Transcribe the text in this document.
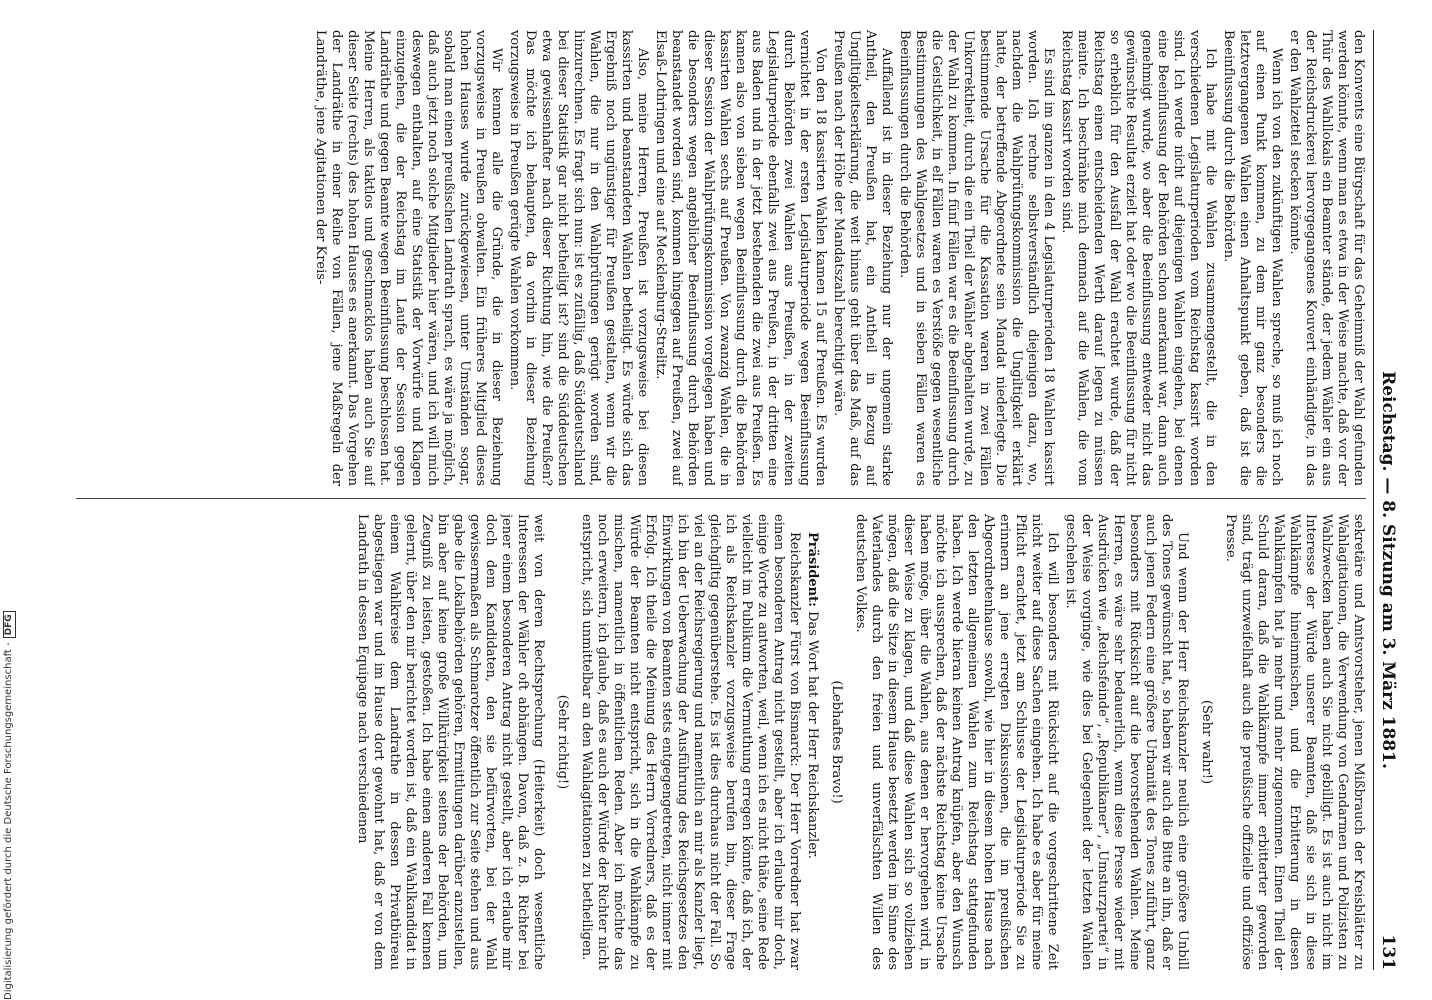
Digitalisierung gefördert durch die Deutsche Forschungsgemeinschaft -DFG	Reichstag. — 8. Sitzung am 3. März 1881.
131

den Konvents eine Bürgschaft für das Geheimniß der Wahl gefunden werden könnte, wenn man es etwa in der Weise machte, daß vor der Thür des Wahllokals ein Beamter stände, der jedem Wähler ein aus der Reichsdruckerei hervorgegangenes Kouvert einhändigte, in das er den Wahlzettel stecken könnte.

Wenn ich von den zukünftigen Wahlen spreche, so muß ich noch auf einen Punkt kommen, zu dem mir ganz besonders die letztvergangenen Wahlen einen Anhaltspunkt geben, daß ist die Beeinflussung durch die Behörden.

Ich habe mit die Wahlen zusammengestellt, die in den verschiedenen Legislaturperioden vom Reichstag kassirt worden sind. Ich werde nicht auf diejenigen Wahlen eingehen, bei denen eine Beeinflussung der Behörden schon anerkannt war, dann auch genehmigt wurde, wo aber die Beeinflussung entweder nicht das gewünschte Resultat erzielt hat oder wo die Beeinflussung für nicht so erheblich für den Ausfall der Wahl erachtet wurde, daß der Reichstag einen entscheidenden Werth darauf legen zu müssen meinte. Ich beschränke mich demnach auf die Wahlen, die vom Reichstag kassirt worden sind.

Es sind im ganzen in den 4 Legislaturperioden 18 Wahlen kassirt worden. Ich rechne selbstverständlich diejenigen dazu, wo, nachdem die Wahlprüfungskommission die Ungiltigkeit erklärt hatte, der betreffende Abgeordnete sein Mandat niederlegte. Die bestimmende Ursache für die Kassation waren in zwei Fällen Unkorrektheit, durch die ein Theil der Wähler abgehalten wurde, zu der Wahl zu kommen. In fünf Fällen war es die Beeinflussung durch die Geistlichkeit, in elf Fällen waren es Verstöße gegen wesentliche Bestimmungen des Wahlgesetzes und in sieben Fällen waren es Beeinflussungen durch die Behörden.

Auffallend ist in dieser Beziehung nur der ungemein starke Antheil, den Preußen hat, ein Antheil in Bezug auf Ungiltigkeitserklärung, die weit hinaus geht über das Maß, auf das Preußen nach der Höhe der Mandatszahl berechtigt wäre.

Von den 18 kassirten Wahlen kamen 15 auf Preußen. Es wurden vernichtet in der ersten Legislaturperiode wegen Beeinflussung durch Behörden zwei Wahlen aus Preußen, in der zweiten Legislaturperiode ebenfalls zwei aus Preußen, in der dritten eine aus Baden und in der jetzt bestehenden die zwei aus Preußen. Es kamen also von sieben wegen Beeinflussung durch die Behörden kassirten Wahlen sechs auf Preußen. Von zwanzig Wahlen, die in dieser Session der Wahlprüfungskommission vorgelegen haben und die besonders wegen angeblicher Beeinflussung durch Behörden beanstandet worden sind, kommen hingegen auf Preußen, zwei auf Elsaß-Lothringen und eine auf Mecklenburg-Strelitz.

Also, meine Herren, Preußen ist vorzugsweise bei diesen kassirten und beanstandeten Wahlen betheiligt. Es würde sich das Ergebniß noch ungünstiger für Preußen gestalten, wenn wir die Wahlen, die nur in den Wahlprüfungen gerügt worden sind, hinzurechnen. Es fragt sich nun: ist es zufällig, daß Süddeutschland bei dieser Statistik gar nicht betheiligt ist? sind die Süddeutschen etwa gewissenhafter nach dieser Richtung hin, wie die Preußen? Das möchte ich behaupten, da vorhin in dieser Beziehung vorzugsweise in Preußen gerügte Wahlen vorkommen.

Wir kennen alle die Gründe, die in dieser Beziehung vorzugsweise in Preußen obwalten. Ein früheres Mitglied dieses hohen Hauses wurde zurückgewiesen, unter Umständen sogar, sobald man einen preußischen Landrath sprach, es wäre ja möglich, daß auch jetzt noch solche Mitglieder hier wären, und ich will mich deswegen enthalten, auf eine Statistik der Vorwürfe und Klagen einzugehen, die der Reichstag im Laufe der Session gegen Landräthe und gegen Beamte wegen Beeinflussung beschlossen hat. Meine Herren, als taktlos und geschmacklos haben auch Sie auf dieser Seite (rechts) des hohen Hauses es anerkannt. Das Vorgehen der Landräthe in einer Reihe von Fällen, jene Maßregeln der Landräthe, jene Agitationen der Kreis-

sekretäre und Amtsvorsteher, jenen Mißbrauch der Kreisblätter zu Wahlagitationen, die Verwendung von Gendarmen und Polizisten zu Wahlzwecken haben auch Sie nicht gebilligt. Es ist auch nicht im Interesse der Würde unserer Beamten, daß sie sich in diese Wahlkämpfe hineinmischen, und die Erbitterung in diesen Wahlkämpfen hat ja mehr und mehr zugenommen. Einen Theil der Schuld daran, daß die Wahlkämpfe immer erbitterter geworden sind, trägt unzweifelhaft auch die preußische offizielle und offiziöse Presse.

(Sehr wahr!)

Und wenn der Herr Reichskanzler neulich eine größere Unbill des Tones gewünscht hat, so haben wir auch die Bitte an ihn, daß er auch jenen Federn eine größere Urbanität des Tones zuführt, ganz besonders mit Rücksicht auf die bevorstehenden Wahlen. Meine Herren, es wäre sehr bedauerlich, wenn diese Presse wieder mit Ausdrücken wie „Reichsfeinde“, „Republikaner“, „Umsturzpartei“ in der Weise vorginge, wie dies bei Gelegenheit der letzten Wahlen geschehen ist.

Ich will besonders mit Rücksicht auf die vorgeschrittene Zeit nicht weiter auf diese Sachen eingehen. Ich habe es aber für meine Pflicht erachtet, jetzt am Schlusse der Legislaturperiode Sie zu erinnern an jene erregten Diskussionen, die im preußischen Abgeordnetenhause sowohl, wie hier in diesem hohen Hause nach den letzten allgemeinen Wahlen zum Reichstag stattgefunden haben. Ich werde hieran keinen Antrag knüpfen, aber den Wunsch möchte ich aussprechen, daß der nächste Reichstag keine Ursache haben möge, über die Wahlen, aus denen er hervorgehen wird, in dieser Weise zu klagen, und daß diese Wahlen sich so vollziehen mögen, daß die Sitze in diesem Hause besetzt werden im Sinne des Vaterlandes durch den freien und unverfälschten Willen des deutschen Volkes.

(Lebhaftes Bravo!)

Präsident: Das Wort hat der Herr Reichskanzler.

Reichskanzler Fürst von Bismarck: Der Herr Vorredner hat zwar einen besonderen Antrag nicht gestellt, aber ich erlaube mir doch, einige Worte zu antworten, weil, wenn ich es nicht thäte, seine Rede vielleicht im Publikum die Vermuthung erregen könnte, daß ich, der ich als Reichskanzler vorzugsweise berufen bin, dieser Frage gleichgiltig gegenüberstehe. Es ist dies durchaus nicht der Fall. So viel an der Reichsregierung und namentlich an mir als Kanzler liegt, ich bin der Ueberwachung der Ausführung des Reichsgesetzes den Einwirkungen von Beamten stets entgegengetreten, nicht immer mit Erfolg. Ich theile die Meinung des Herrn Vorredners, daß es der Würde der Beamten nicht entspricht, sich in die Wahlkämpfe zu mischen, namentlich in öffentlichen Reden. Aber ich möchte das noch erweitern, ich glaube, daß es auch der Würde der Richter nicht entspricht, sich unmittelbar an den Wahlagitationen zu betheiligen.

(Sehr richtig!)

weit von deren Rechtsprechung (Heiterkeit) doch wesentliche Interessen der Wähler oft abhängen. Davon, daß z. B. Richter bei jener einem besonderen Antrag nicht gestellt, aber ich erlaube mir doch dem Kandidaten, den sie befürworten, bei der Wahl gewissermaßen als Schmarotzer öffentlich zur Seite stehen und aus gabe die Lokalbehörden gehören, Ermittlungen darüber anzustellen, bin aber auf keine große Willkürigkeit seitens der Behörden, um Zeugniß zu leisten, gestoßen. Ich habe einen anderen Fall kennen gelernt, über den mir berichtet worden ist, daß ein Wahlkandidat in einem Wahlkreise dem Landrathe in dessen Privatbüreau abgestiegen war und im Hause dort gewohnt hat, daß er von dem Landrath in dessen Equipage nach verschiedenen
